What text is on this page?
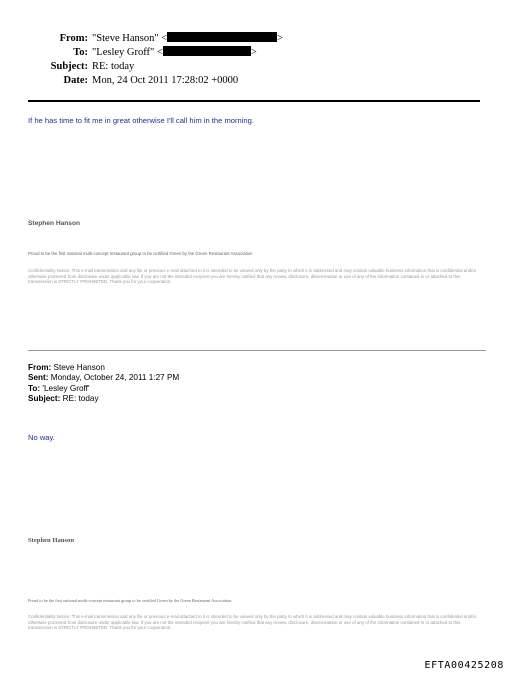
From: "Steve Hanson" <	>
To: "Lesley Groff" <	>
Subject: RE: today
Date: Mon, 24 Oct 2011 17:28:02 +0000
If he has time to fit me in great otherwise I'll call him in the morning.
Stephen Hanson
Proud to be the first national multi-concept restaurant group to be certified Green by the Green Restaurant Association
Confidentiality Notice: This e-mail transmission and any file or previous e-mail attached to it is intended to be viewed only by the party to which it is addressed and may contain valuable business information that is confidential and/or otherwise protected from disclosure under applicable law. If you are not the intended recipient you are hereby notified that any review, disclosure, dissemination or use of any of the information contained in or attached to this transmission is STRICTLY PROHIBITED. Thank you for your cooperation.
From: Steve Hanson
Sent: Monday, October 24, 2011 1:27 PM
To: 'Lesley Groff'
Subject: RE: today
No way.
Stephen Hanson
Proud to be the first national multi-concept restaurant group to be certified Green by the Green Restaurant Association
Confidentiality Notice: This e-mail transmission and any file or previous e-mail attached to it is intended to be viewed only by the party to which it is addressed and may contain valuable business information that is confidential and/or otherwise protected from disclosure under applicable law. If you are not the intended recipient you are hereby notified that any review, disclosure, dissemination or use of any of the information contained in or attached to this transmission is STRICTLY PROHIBITED. Thank you for your cooperation.
EFTA00425208
